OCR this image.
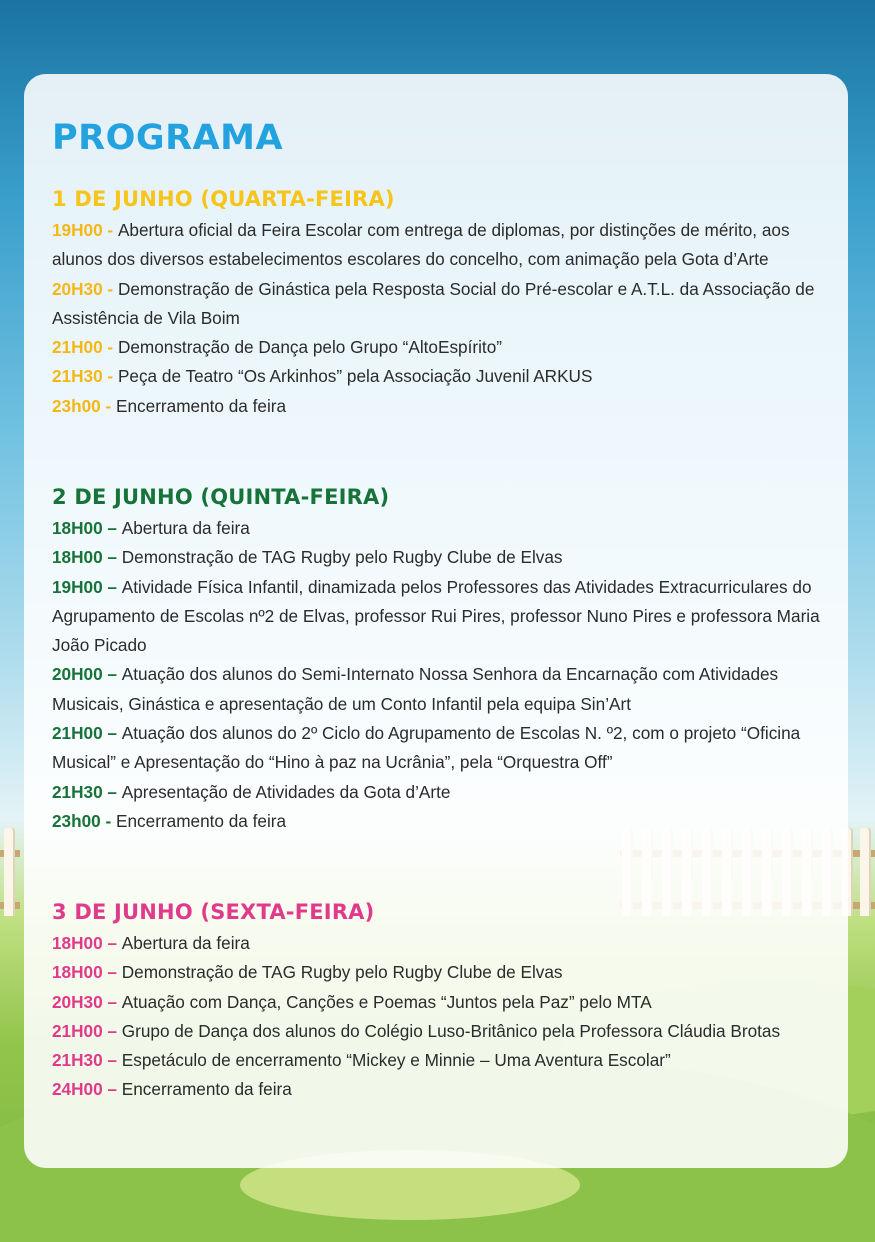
PROGRAMA
1 DE JUNHO (QUARTA-FEIRA)
19H00 - Abertura oficial da Feira Escolar com entrega de diplomas, por distinções de mérito, aos alunos dos diversos estabelecimentos escolares do concelho, com animação pela Gota d’Arte
20H30 - Demonstração de Ginástica pela Resposta Social do Pré-escolar e A.T.L. da Associação de Assistência de Vila Boim
21H00 - Demonstração de Dança pelo Grupo “AltoEspírito”
21H30 - Peça de Teatro “Os Arkinhos” pela Associação Juvenil ARKUS
23h00 - Encerramento da feira
2 DE JUNHO (QUINTA-FEIRA)
18H00 – Abertura da feira
18H00 – Demonstração de TAG Rugby pelo Rugby Clube de Elvas
19H00 – Atividade Física Infantil, dinamizada pelos Professores das Atividades Extracurriculares do Agrupamento de Escolas nº2 de Elvas, professor Rui Pires, professor Nuno Pires e professora Maria João Picado
20H00 – Atuação dos alunos do Semi-Internato Nossa Senhora da Encarnação com Atividades Musicais, Ginástica e apresentação de um Conto Infantil pela equipa Sin’Art
21H00 – Atuação dos alunos do 2º Ciclo do Agrupamento de Escolas N. º2, com o projeto “Oficina Musical” e Apresentação do “Hino à paz na Ucrânia”, pela “Orquestra Off”
21H30 – Apresentação de Atividades da Gota d’Arte
23h00 - Encerramento da feira
3 DE JUNHO (SEXTA-FEIRA)
18H00 – Abertura da feira
18H00 – Demonstração de TAG Rugby pelo Rugby Clube de Elvas
20H30 – Atuação com Dança, Canções e Poemas “Juntos pela Paz” pelo MTA
21H00 – Grupo de Dança dos alunos do Colégio Luso-Britânico pela Professora Cláudia Brotas
21H30 – Espetáculo de encerramento “Mickey e Minnie – Uma Aventura Escolar”
24H00 – Encerramento da feira
